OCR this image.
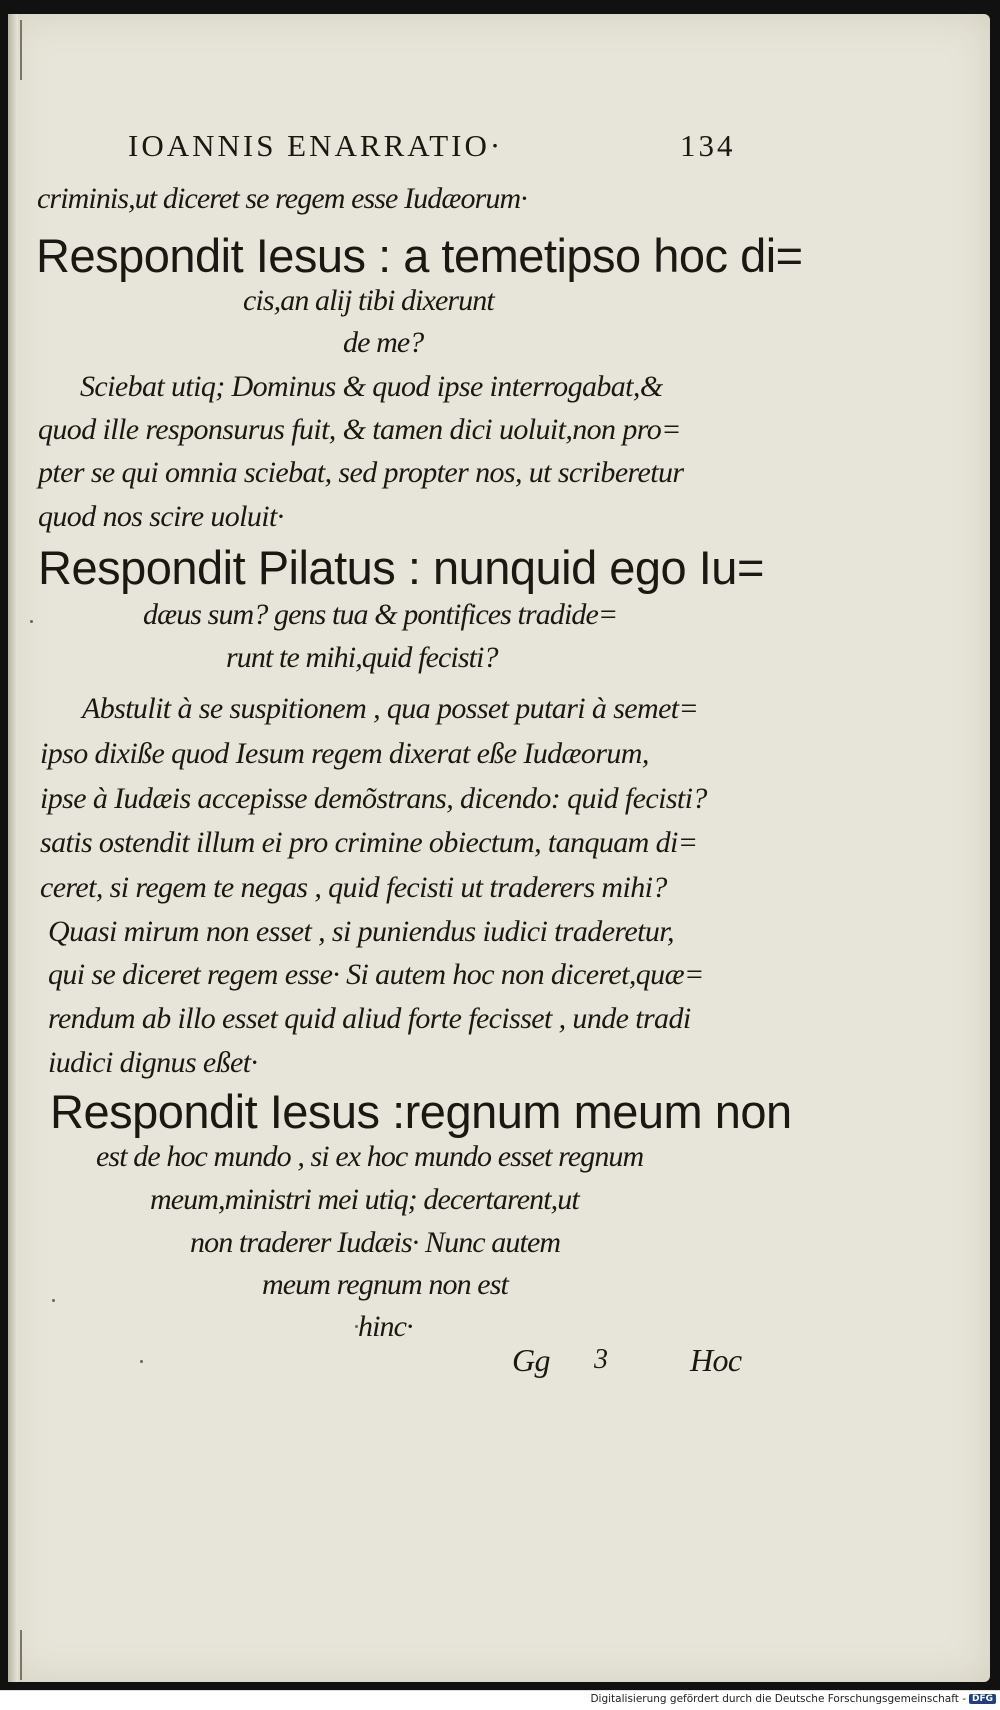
IOANNIS ENARRATIO·	134
criminis,ut diceret se regem esse Iudæorum·
Respondit Iesus : a temetipso hoc di=
cis,an alij tibi dixerunt
de me?
Sciebat utiq; Dominus & quod ipse interrogabat,&
quod ille responsurus fuit, & tamen dici uoluit,non pro=
pter se qui omnia sciebat, sed propter nos, ut scriberetur
quod nos scire uoluit·
Respondit Pilatus : nunquid ego Iu=
dæus sum? gens tua & pontifices tradide=
runt te mihi,quid fecisti?
Abstulit à se suspitionem , qua posset putari à semet=
ipso dixiße quod Iesum regem dixerat eße Iudæorum,
ipse à Iudæis accepisse demõstrans, dicendo: quid fecisti?
satis ostendit illum ei pro crimine obiectum, tanquam di=
ceret, si regem te negas , quid fecisti ut traderers mihi?
Quasi mirum non esset , si puniendus iudici traderetur,
qui se diceret regem esse· Si autem hoc non diceret,quæ=
rendum ab illo esset quid aliud forte fecisset , unde tradi
iudici dignus eßet·
Respondit Iesus :regnum meum non
est de hoc mundo , si ex hoc mundo esset regnum
meum,ministri mei utiq; decertarent,ut
non traderer Iudæis· Nunc autem
meum regnum non est
hinc·
Gg 3	Hoc
Digitalisierung gefördert durch die Deutsche Forschungsgemeinschaft - DFG
